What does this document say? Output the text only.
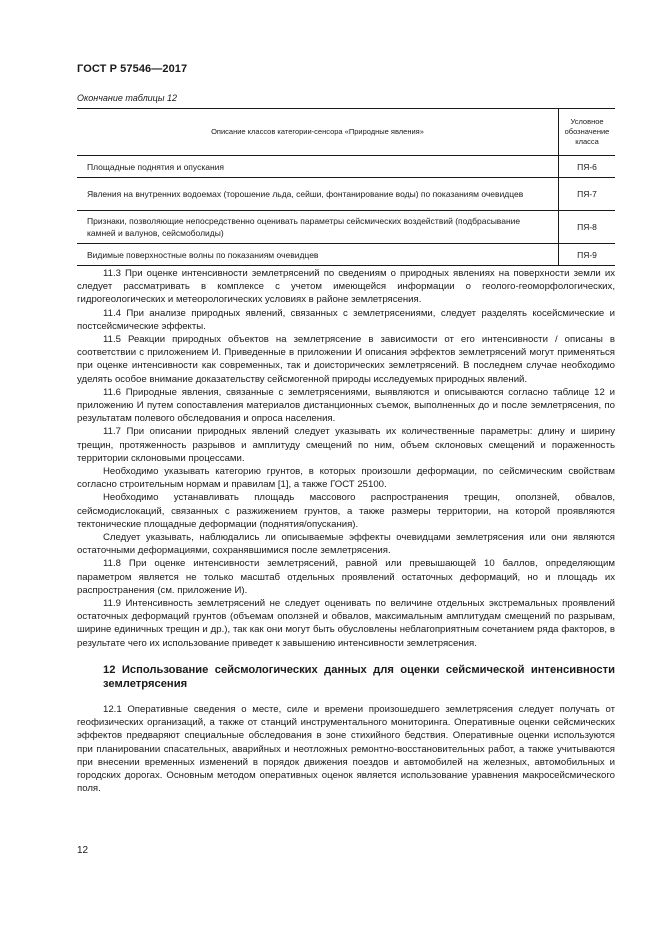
ГОСТ Р 57546—2017
Окончание таблицы 12
Описание классов категории-сенсора «Природные явления»	Условное обозначение класса
Площадные поднятия и опускания	ПЯ-6
Явления на внутренних водоемах (торошение льда, сейши, фонтанирование воды) по показаниям очевидцев	ПЯ-7
Признаки, позволяющие непосредственно оценивать параметры сейсмических воздействий (подбрасывание камней и валунов, сейсмоболиды)	ПЯ-8
Видимые поверхностные волны по показаниям очевидцев	ПЯ-9

11.3 При оценке интенсивности землетрясений по сведениям о природных явлениях на поверхности земли их следует рассматривать в комплексе с учетом имеющейся информации о геолого-геоморфологических, гидрогеологических и метеорологических условиях в районе землетрясения.

11.4 При анализе природных явлений, связанных с землетрясениями, следует разделять косейсмические и постсейсмические эффекты.

11.5 Реакции природных объектов на землетрясение в зависимости от его интенсивности / описаны в соответствии с приложением И. Приведенные в приложении И описания эффектов землетрясений могут применяться при оценке интенсивности как современных, так и доисторических землетрясений. В последнем случае необходимо уделять особое внимание доказательству сейсмогенной природы исследуемых природных явлений.

11.6 Природные явления, связанные с землетрясениями, выявляются и описываются согласно таблице 12 и приложению И путем сопоставления материалов дистанционных съемок, выполненных до и после землетрясения, по результатам полевого обследования и опроса населения.

11.7 При описании природных явлений следует указывать их количественные параметры: длину и ширину трещин, протяженность разрывов и амплитуду смещений по ним, объем склоновых смещений и пораженность территории склоновыми процессами.

Необходимо указывать категорию грунтов, в которых произошли деформации, по сейсмическим свойствам согласно строительным нормам и правилам [1], а также ГОСТ 25100.

Необходимо устанавливать площадь массового распространения трещин, оползней, обвалов, сейсмодислокаций, связанных с разжижением грунтов, а также размеры территории, на которой проявляются тектонические площадные деформации (поднятия/опускания).

Следует указывать, наблюдались ли описываемые эффекты очевидцами землетрясения или они являются остаточными деформациями, сохранявшимися после землетрясения.

11.8 При оценке интенсивности землетрясений, равной или превышающей 10 баллов, определяющим параметром является не только масштаб отдельных проявлений остаточных деформаций, но и площадь их распространения (см. приложение И).

11.9 Интенсивность землетрясений не следует оценивать по величине отдельных экстремальных проявлений остаточных деформаций грунтов (объемам оползней и обвалов, максимальным амплитудам смещений по разрывам, ширине единичных трещин и др.), так как они могут быть обусловлены неблагоприятным сочетанием ряда факторов, в результате чего их использование приведет к завышению интенсивности землетрясения.

12 Использование сейсмологических данных для оценки сейсмической интенсивности землетрясения

12.1 Оперативные сведения о месте, силе и времени произошедшего землетрясения следует получать от геофизических организаций, а также от станций инструментального мониторинга. Оперативные оценки сейсмических эффектов предваряют специальные обследования в зоне стихийного бедствия. Оперативные оценки используются при планировании спасательных, аварийных и неотложных ремонтно-восстановительных работ, а также учитываются при внесении временных изменений в порядок движения поездов и автомобилей на железных, автомобильных и городских дорогах. Основным методом оперативных оценок является использование уравнения макросейсмического поля.

12
